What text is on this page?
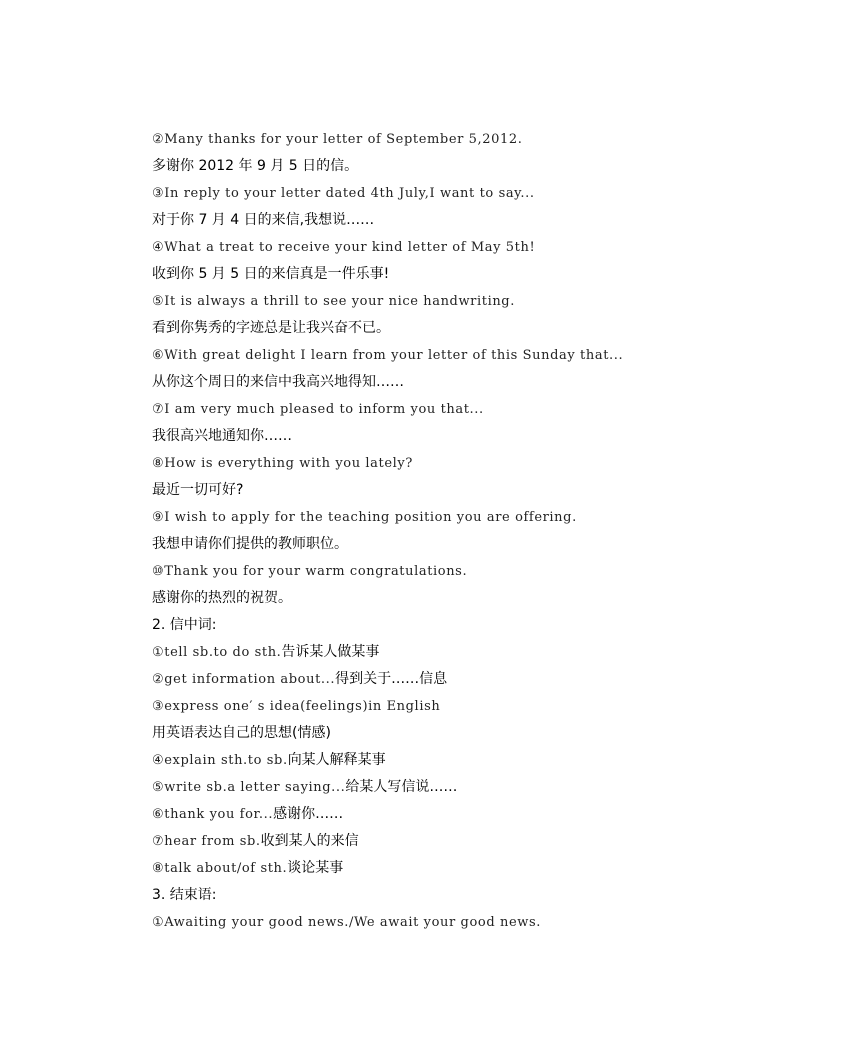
②Many thanks for your letter of September 5,2012.
多谢你 2012 年 9 月 5 日的信。
③In reply to your letter dated 4th July,I want to say...
对于你 7 月 4 日的来信,我想说……
④What a treat to receive your kind letter of May 5th!
收到你 5 月 5 日的来信真是一件乐事!
⑤It is always a thrill to see your nice handwriting.
看到你隽秀的字迹总是让我兴奋不已。
⑥With great delight I learn from your letter of this Sunday that...
从你这个周日的来信中我高兴地得知……
⑦I am very much pleased to inform you that...
我很高兴地通知你……
⑧How is everything with you lately?
最近一切可好?
⑨I wish to apply for the teaching position you are offering.
我想申请你们提供的教师职位。
⑩Thank you for your warm congratulations.
感谢你的热烈的祝贺。
2. 信中词:
①tell sb.to do sth.告诉某人做某事
②get information about...得到关于……信息
③express one′ s idea(feelings)in English
用英语表达自己的思想(情感)
④explain sth.to sb.向某人解释某事
⑤write sb.a letter saying...给某人写信说……
⑥thank you for...感谢你……
⑦hear from sb.收到某人的来信
⑧talk about/of sth.谈论某事
3. 结束语:
①Awaiting your good news./We await your good news.
